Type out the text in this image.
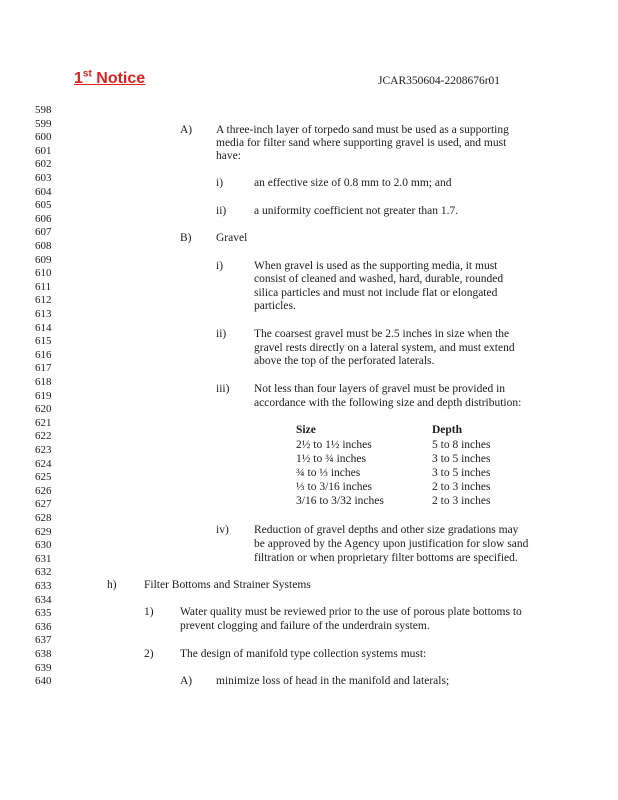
1st Notice	JCAR350604-2208676r01
598
599
600
601
602
603
604
605
606
607
608
609
610
611
612
613
614
615
616
617
618
619
620
621
622
623
624
625
626
627
628
629
630
631
632
633
634
635
636
637
638
639
640
A) A three-inch layer of torpedo sand must be used as a supporting
media for filter sand where supporting gravel is used, and must
have:
i)	an effective size of 0.8 mm to 2.0 mm; and
ii) a uniformity coefficient not greater than 1.7.
B) Gravel
i)	When gravel is used as the supporting media, it must
consist of cleaned and washed, hard, durable, rounded
silica particles and must not include flat or elongated
particles.
ii) The coarsest gravel must be 2.5 inches in size when the
gravel rests directly on a lateral system, and must extend
above the top of the perforated laterals.
iii) Not less than four layers of gravel must be provided in
accordance with the following size and depth distribution:
Size	Depth
2½ to 1½ inches	5 to 8 inches
1½ to ¾ inches	3 to 5 inches
¾ to ⅓ inches	3 to 5 inches
⅓ to 3/16 inches	2 to 3 inches
3/16 to 3/32 inches	2 to 3 inches
iv) Reduction of gravel depths and other size gradations may
be approved by the Agency upon justification for slow sand
filtration or when proprietary filter bottoms are specified.
h) Filter Bottoms and Strainer Systems
1) Water quality must be reviewed prior to the use of porous plate bottoms to
prevent clogging and failure of the underdrain system.
2) The design of manifold type collection systems must:
A) minimize loss of head in the manifold and laterals;
